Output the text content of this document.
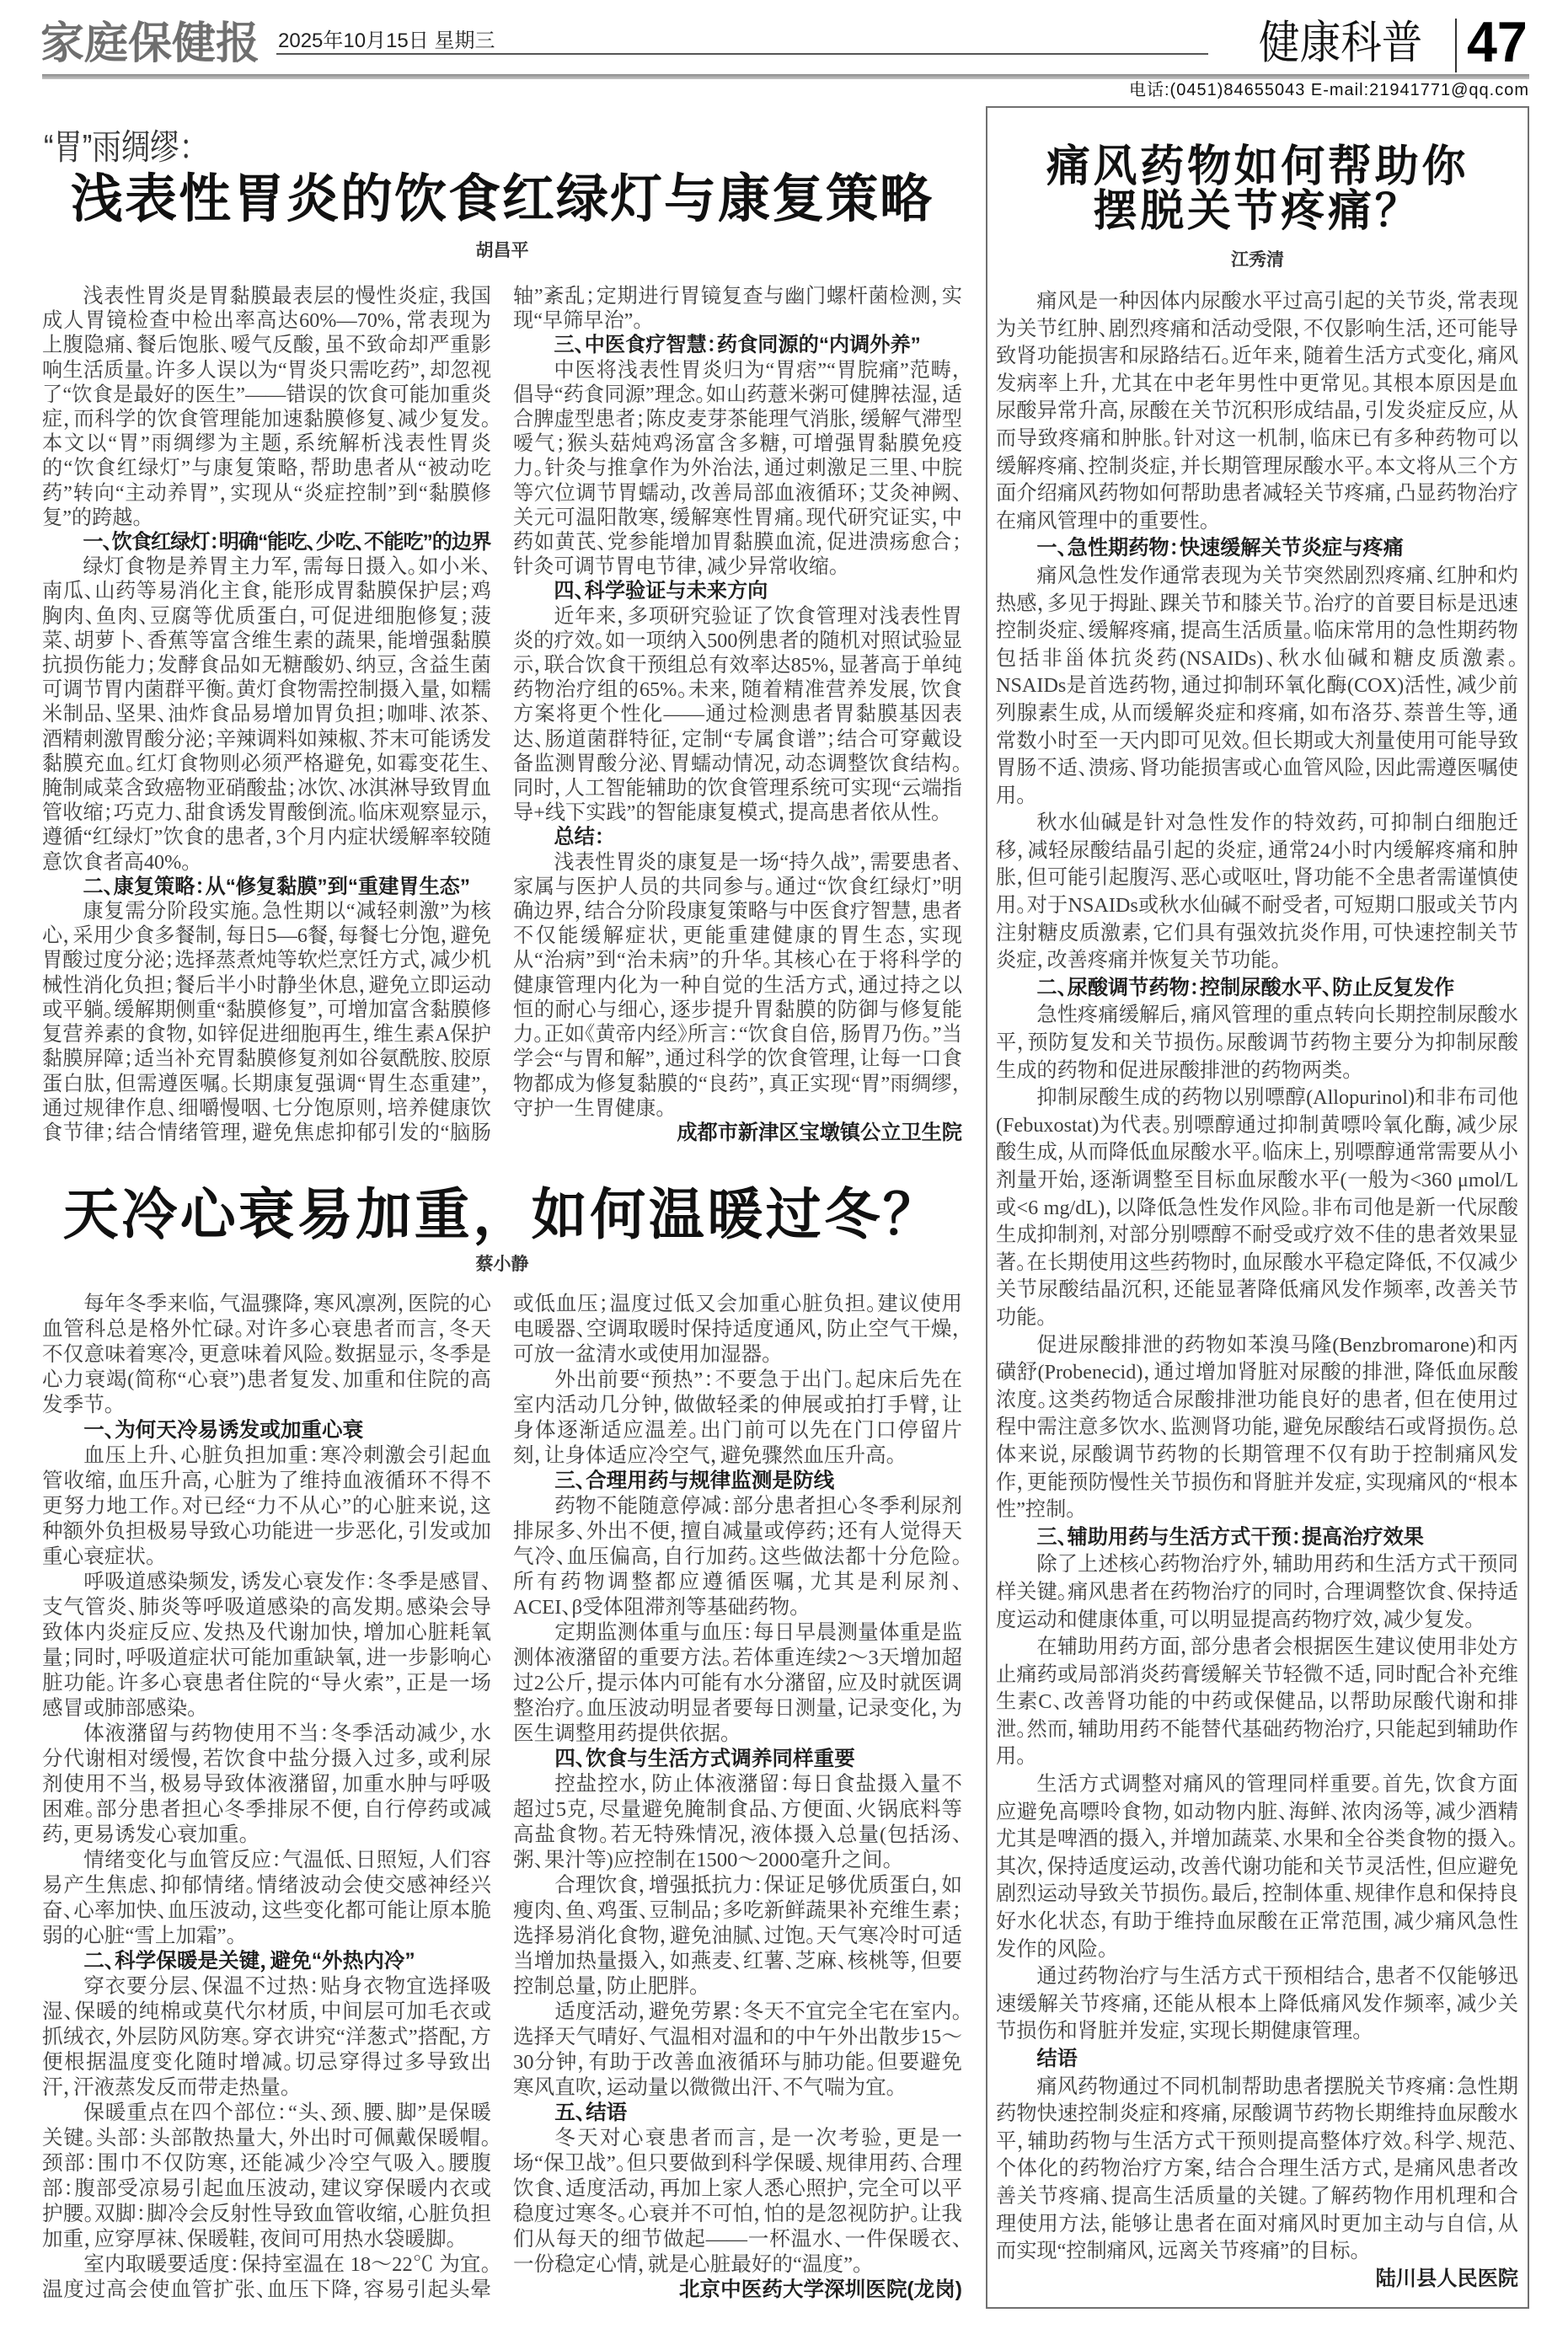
家庭保健报 2025年10月15日 星期三	健康科普 47
电话:(0451)84655043 E-mail:21941771@qq.com
“胃”雨绸缪：
浅表性胃炎的饮食红绿灯与康复策略
胡昌平

浅表性胃炎是胃黏膜最表层的慢性炎症，我国成人胃镜检查中检出率高达60%—70%，常表现为上腹隐痛、餐后饱胀、嗳气反酸，虽不致命却严重影响生活质量。许多人误以为“胃炎只需吃药”，却忽视了“饮食是最好的医生”——错误的饮食可能加重炎症，而科学的饮食管理能加速黏膜修复、减少复发。本文以“胃”雨绸缪为主题，系统解析浅表性胃炎的“饮食红绿灯”与康复策略，帮助患者从“被动吃药”转向“主动养胃”，实现从“炎症控制”到“黏膜修复”的跨越。

一、饮食红绿灯：明确“能吃、少吃、不能吃”的边界

绿灯食物是养胃主力军，需每日摄入。如小米、南瓜、山药等易消化主食，能形成胃黏膜保护层；鸡胸肉、鱼肉、豆腐等优质蛋白，可促进细胞修复；菠菜、胡萝卜、香蕉等富含维生素的蔬果，能增强黏膜抗损伤能力；发酵食品如无糖酸奶、纳豆，含益生菌可调节胃内菌群平衡。黄灯食物需控制摄入量，如糯米制品、坚果、油炸食品易增加胃负担；咖啡、浓茶、酒精刺激胃酸分泌；辛辣调料如辣椒、芥末可能诱发黏膜充血。红灯食物则必须严格避免，如霉变花生、腌制咸菜含致癌物亚硝酸盐；冰饮、冰淇淋导致胃血管收缩；巧克力、甜食诱发胃酸倒流。临床观察显示，遵循“红绿灯”饮食的患者，3个月内症状缓解率较随意饮食者高40%。

二、康复策略：从“修复黏膜”到“重建胃生态”

康复需分阶段实施。急性期以“减轻刺激”为核心，采用少食多餐制，每日5—6餐，每餐七分饱，避免胃酸过度分泌；选择蒸煮炖等软烂烹饪方式，减少机械性消化负担；餐后半小时静坐休息，避免立即运动或平躺。缓解期侧重“黏膜修复”，可增加富含黏膜修复营养素的食物，如锌促进细胞再生，维生素A保护黏膜屏障；适当补充胃黏膜修复剂如谷氨酰胺、胶原蛋白肽，但需遵医嘱。长期康复强调“胃生态重建”，通过规律作息、细嚼慢咽、七分饱原则，培养健康饮食节律；结合情绪管理，避免焦虑抑郁引发的“脑肠轴”紊乱；定期进行胃镜复查与幽门螺杆菌检测，实现“早筛早治”。

三、中医食疗智慧：药食同源的“内调外养”

中医将浅表性胃炎归为“胃痞”“胃脘痛”范畴，倡导“药食同源”理念。如山药薏米粥可健脾祛湿，适合脾虚型患者；陈皮麦芽茶能理气消胀，缓解气滞型嗳气；猴头菇炖鸡汤富含多糖，可增强胃黏膜免疫力。针灸与推拿作为外治法，通过刺激足三里、中脘等穴位调节胃蠕动，改善局部血液循环；艾灸神阙、关元可温阳散寒，缓解寒性胃痛。现代研究证实，中药如黄芪、党参能增加胃黏膜血流，促进溃疡愈合；针灸可调节胃电节律，减少异常收缩。

四、科学验证与未来方向

近年来，多项研究验证了饮食管理对浅表性胃炎的疗效。如一项纳入500例患者的随机对照试验显示，联合饮食干预组总有效率达85%，显著高于单纯药物治疗组的65%。未来，随着精准营养发展，饮食方案将更个性化——通过检测患者胃黏膜基因表达、肠道菌群特征，定制“专属食谱”；结合可穿戴设备监测胃酸分泌、胃蠕动情况，动态调整饮食结构。同时，人工智能辅助的饮食管理系统可实现“云端指导+线下实践”的智能康复模式，提高患者依从性。

总结：

浅表性胃炎的康复是一场“持久战”，需要患者、家属与医护人员的共同参与。通过“饮食红绿灯”明确边界，结合分阶段康复策略与中医食疗智慧，患者不仅能缓解症状，更能重建健康的胃生态，实现从“治病”到“治未病”的升华。其核心在于将科学的健康管理内化为一种自觉的生活方式，通过持之以恒的耐心与细心，逐步提升胃黏膜的防御与修复能力。正如《黄帝内经》所言：“饮食自倍，肠胃乃伤。”当学会“与胃和解”，通过科学的饮食管理，让每一口食物都成为修复黏膜的“良药”，真正实现“胃”雨绸缪，守护一生胃健康。

成都市新津区宝墩镇公立卫生院

天冷心衰易加重，如何温暖过冬？
蔡小静

每年冬季来临，气温骤降，寒风凛冽，医院的心血管科总是格外忙碌。对许多心衰患者而言，冬天不仅意味着寒冷，更意味着风险。数据显示，冬季是心力衰竭(简称“心衰”)患者复发、加重和住院的高发季节。

一、为何天冷易诱发或加重心衰

血压上升、心脏负担加重：寒冷刺激会引起血管收缩，血压升高，心脏为了维持血液循环不得不更努力地工作。对已经“力不从心”的心脏来说，这种额外负担极易导致心功能进一步恶化，引发或加重心衰症状。

呼吸道感染频发，诱发心衰发作：冬季是感冒、支气管炎、肺炎等呼吸道感染的高发期。感染会导致体内炎症反应、发热及代谢加快，增加心脏耗氧量；同时，呼吸道症状可能加重缺氧，进一步影响心脏功能。许多心衰患者住院的“导火索”，正是一场感冒或肺部感染。

体液潴留与药物使用不当：冬季活动减少，水分代谢相对缓慢，若饮食中盐分摄入过多，或利尿剂使用不当，极易导致体液潴留，加重水肿与呼吸困难。部分患者担心冬季排尿不便，自行停药或减药，更易诱发心衰加重。

情绪变化与血管反应：气温低、日照短，人们容易产生焦虑、抑郁情绪。情绪波动会使交感神经兴奋、心率加快、血压波动，这些变化都可能让原本脆弱的心脏“雪上加霜”。

二、科学保暖是关键，避免“外热内冷”

穿衣要分层、保温不过热：贴身衣物宜选择吸湿、保暖的纯棉或莫代尔材质，中间层可加毛衣或抓绒衣，外层防风防寒。穿衣讲究“洋葱式”搭配，方便根据温度变化随时增减。切忌穿得过多导致出汗，汗液蒸发反而带走热量。

保暖重点在四个部位：“头、颈、腰、脚”是保暖关键。头部：头部散热量大，外出时可佩戴保暖帽。颈部：围巾不仅防寒，还能减少冷空气吸入。腰腹部：腹部受凉易引起血压波动，建议穿保暖内衣或护腰。双脚：脚冷会反射性导致血管收缩，心脏负担加重，应穿厚袜、保暖鞋，夜间可用热水袋暖脚。

室内取暖要适度：保持室温在 18～22℃ 为宜。温度过高会使血管扩张、血压下降，容易引起头晕或低血压；温度过低又会加重心脏负担。建议使用电暖器、空调取暖时保持适度通风，防止空气干燥，可放一盆清水或使用加湿器。

外出前要“预热”：不要急于出门。起床后先在室内活动几分钟，做做轻柔的伸展或拍打手臂，让身体逐渐适应温差。出门前可以先在门口停留片刻，让身体适应冷空气，避免骤然血压升高。

三、合理用药与规律监测是防线

药物不能随意停减：部分患者担心冬季利尿剂排尿多、外出不便，擅自减量或停药；还有人觉得天气冷、血压偏高，自行加药。这些做法都十分危险。所有药物调整都应遵循医嘱，尤其是利尿剂、ACEI、β受体阻滞剂等基础药物。

定期监测体重与血压：每日早晨测量体重是监测体液潴留的重要方法。若体重连续2～3天增加超过2公斤，提示体内可能有水分潴留，应及时就医调整治疗。血压波动明显者要每日测量，记录变化，为医生调整用药提供依据。

四、饮食与生活方式调养同样重要

控盐控水，防止体液潴留：每日食盐摄入量不超过5克，尽量避免腌制食品、方便面、火锅底料等高盐食物。若无特殊情况，液体摄入总量(包括汤、粥、果汁等)应控制在1500～2000毫升之间。

合理饮食，增强抵抗力：保证足够优质蛋白，如瘦肉、鱼、鸡蛋、豆制品；多吃新鲜蔬果补充维生素；选择易消化食物，避免油腻、过饱。天气寒冷时可适当增加热量摄入，如燕麦、红薯、芝麻、核桃等，但要控制总量，防止肥胖。

适度活动，避免劳累：冬天不宜完全宅在室内。选择天气晴好、气温相对温和的中午外出散步15～30分钟，有助于改善血液循环与肺功能。但要避免寒风直吹，运动量以微微出汗、不气喘为宜。

五、结语

冬天对心衰患者而言，是一次考验，更是一场“保卫战”。但只要做到科学保暖、规律用药、合理饮食、适度活动，再加上家人悉心照护，完全可以平稳度过寒冬。心衰并不可怕，怕的是忽视防护。让我们从每天的细节做起——一杯温水、一件保暖衣、一份稳定心情，就是心脏最好的“温度”。

北京中医药大学深圳医院(龙岗)

痛风药物如何帮助你
摆脱关节疼痛？
江秀清

痛风是一种因体内尿酸水平过高引起的关节炎，常表现为关节红肿、剧烈疼痛和活动受限，不仅影响生活，还可能导致肾功能损害和尿路结石。近年来，随着生活方式变化，痛风发病率上升，尤其在中老年男性中更常见。其根本原因是血尿酸异常升高，尿酸在关节沉积形成结晶，引发炎症反应，从而导致疼痛和肿胀。针对这一机制，临床已有多种药物可以缓解疼痛、控制炎症，并长期管理尿酸水平。本文将从三个方面介绍痛风药物如何帮助患者减轻关节疼痛，凸显药物治疗在痛风管理中的重要性。

一、急性期药物：快速缓解关节炎症与疼痛

痛风急性发作通常表现为关节突然剧烈疼痛、红肿和灼热感，多见于拇趾、踝关节和膝关节。治疗的首要目标是迅速控制炎症、缓解疼痛，提高生活质量。临床常用的急性期药物包括非甾体抗炎药(NSAIDs)、秋水仙碱和糖皮质激素。NSAIDs是首选药物，通过抑制环氧化酶(COX)活性，减少前列腺素生成，从而缓解炎症和疼痛，如布洛芬、萘普生等，通常数小时至一天内即可见效。但长期或大剂量使用可能导致胃肠不适、溃疡、肾功能损害或心血管风险，因此需遵医嘱使用。

秋水仙碱是针对急性发作的特效药，可抑制白细胞迁移，减轻尿酸结晶引起的炎症，通常24小时内缓解疼痛和肿胀，但可能引起腹泻、恶心或呕吐，肾功能不全患者需谨慎使用。对于NSAIDs或秋水仙碱不耐受者，可短期口服或关节内注射糖皮质激素，它们具有强效抗炎作用，可快速控制关节炎症，改善疼痛并恢复关节功能。

二、尿酸调节药物：控制尿酸水平、防止反复发作

急性疼痛缓解后，痛风管理的重点转向长期控制尿酸水平，预防复发和关节损伤。尿酸调节药物主要分为抑制尿酸生成的药物和促进尿酸排泄的药物两类。

抑制尿酸生成的药物以别嘌醇(Allopurinol)和非布司他(Febuxostat)为代表。别嘌醇通过抑制黄嘌呤氧化酶，减少尿酸生成，从而降低血尿酸水平。临床上，别嘌醇通常需要从小剂量开始，逐渐调整至目标血尿酸水平(一般为<360 μmol/L或<6 mg/dL)，以降低急性发作风险。非布司他是新一代尿酸生成抑制剂，对部分别嘌醇不耐受或疗效不佳的患者效果显著。在长期使用这些药物时，血尿酸水平稳定降低，不仅减少关节尿酸结晶沉积，还能显著降低痛风发作频率，改善关节功能。

促进尿酸排泄的药物如苯溴马隆(Benzbromarone)和丙磺舒(Probenecid)，通过增加肾脏对尿酸的排泄，降低血尿酸浓度。这类药物适合尿酸排泄功能良好的患者，但在使用过程中需注意多饮水、监测肾功能，避免尿酸结石或肾损伤。总体来说，尿酸调节药物的长期管理不仅有助于控制痛风发作，更能预防慢性关节损伤和肾脏并发症，实现痛风的“根本性”控制。

三、辅助用药与生活方式干预：提高治疗效果

除了上述核心药物治疗外，辅助用药和生活方式干预同样关键。痛风患者在药物治疗的同时，合理调整饮食、保持适度运动和健康体重，可以明显提高药物疗效，减少复发。

在辅助用药方面，部分患者会根据医生建议使用非处方止痛药或局部消炎药膏缓解关节轻微不适，同时配合补充维生素C、改善肾功能的中药或保健品，以帮助尿酸代谢和排泄。然而，辅助用药不能替代基础药物治疗，只能起到辅助作用。

生活方式调整对痛风的管理同样重要。首先，饮食方面应避免高嘌呤食物，如动物内脏、海鲜、浓肉汤等，减少酒精尤其是啤酒的摄入，并增加蔬菜、水果和全谷类食物的摄入。其次，保持适度运动，改善代谢功能和关节灵活性，但应避免剧烈运动导致关节损伤。最后，控制体重、规律作息和保持良好水化状态，有助于维持血尿酸在正常范围，减少痛风急性发作的风险。

通过药物治疗与生活方式干预相结合，患者不仅能够迅速缓解关节疼痛，还能从根本上降低痛风发作频率，减少关节损伤和肾脏并发症，实现长期健康管理。

结语

痛风药物通过不同机制帮助患者摆脱关节疼痛：急性期药物快速控制炎症和疼痛，尿酸调节药物长期维持血尿酸水平，辅助药物与生活方式干预则提高整体疗效。科学、规范、个体化的药物治疗方案，结合合理生活方式，是痛风患者改善关节疼痛、提高生活质量的关键。了解药物作用机理和合理使用方法，能够让患者在面对痛风时更加主动与自信，从而实现“控制痛风，远离关节疼痛”的目标。

陆川县人民医院
